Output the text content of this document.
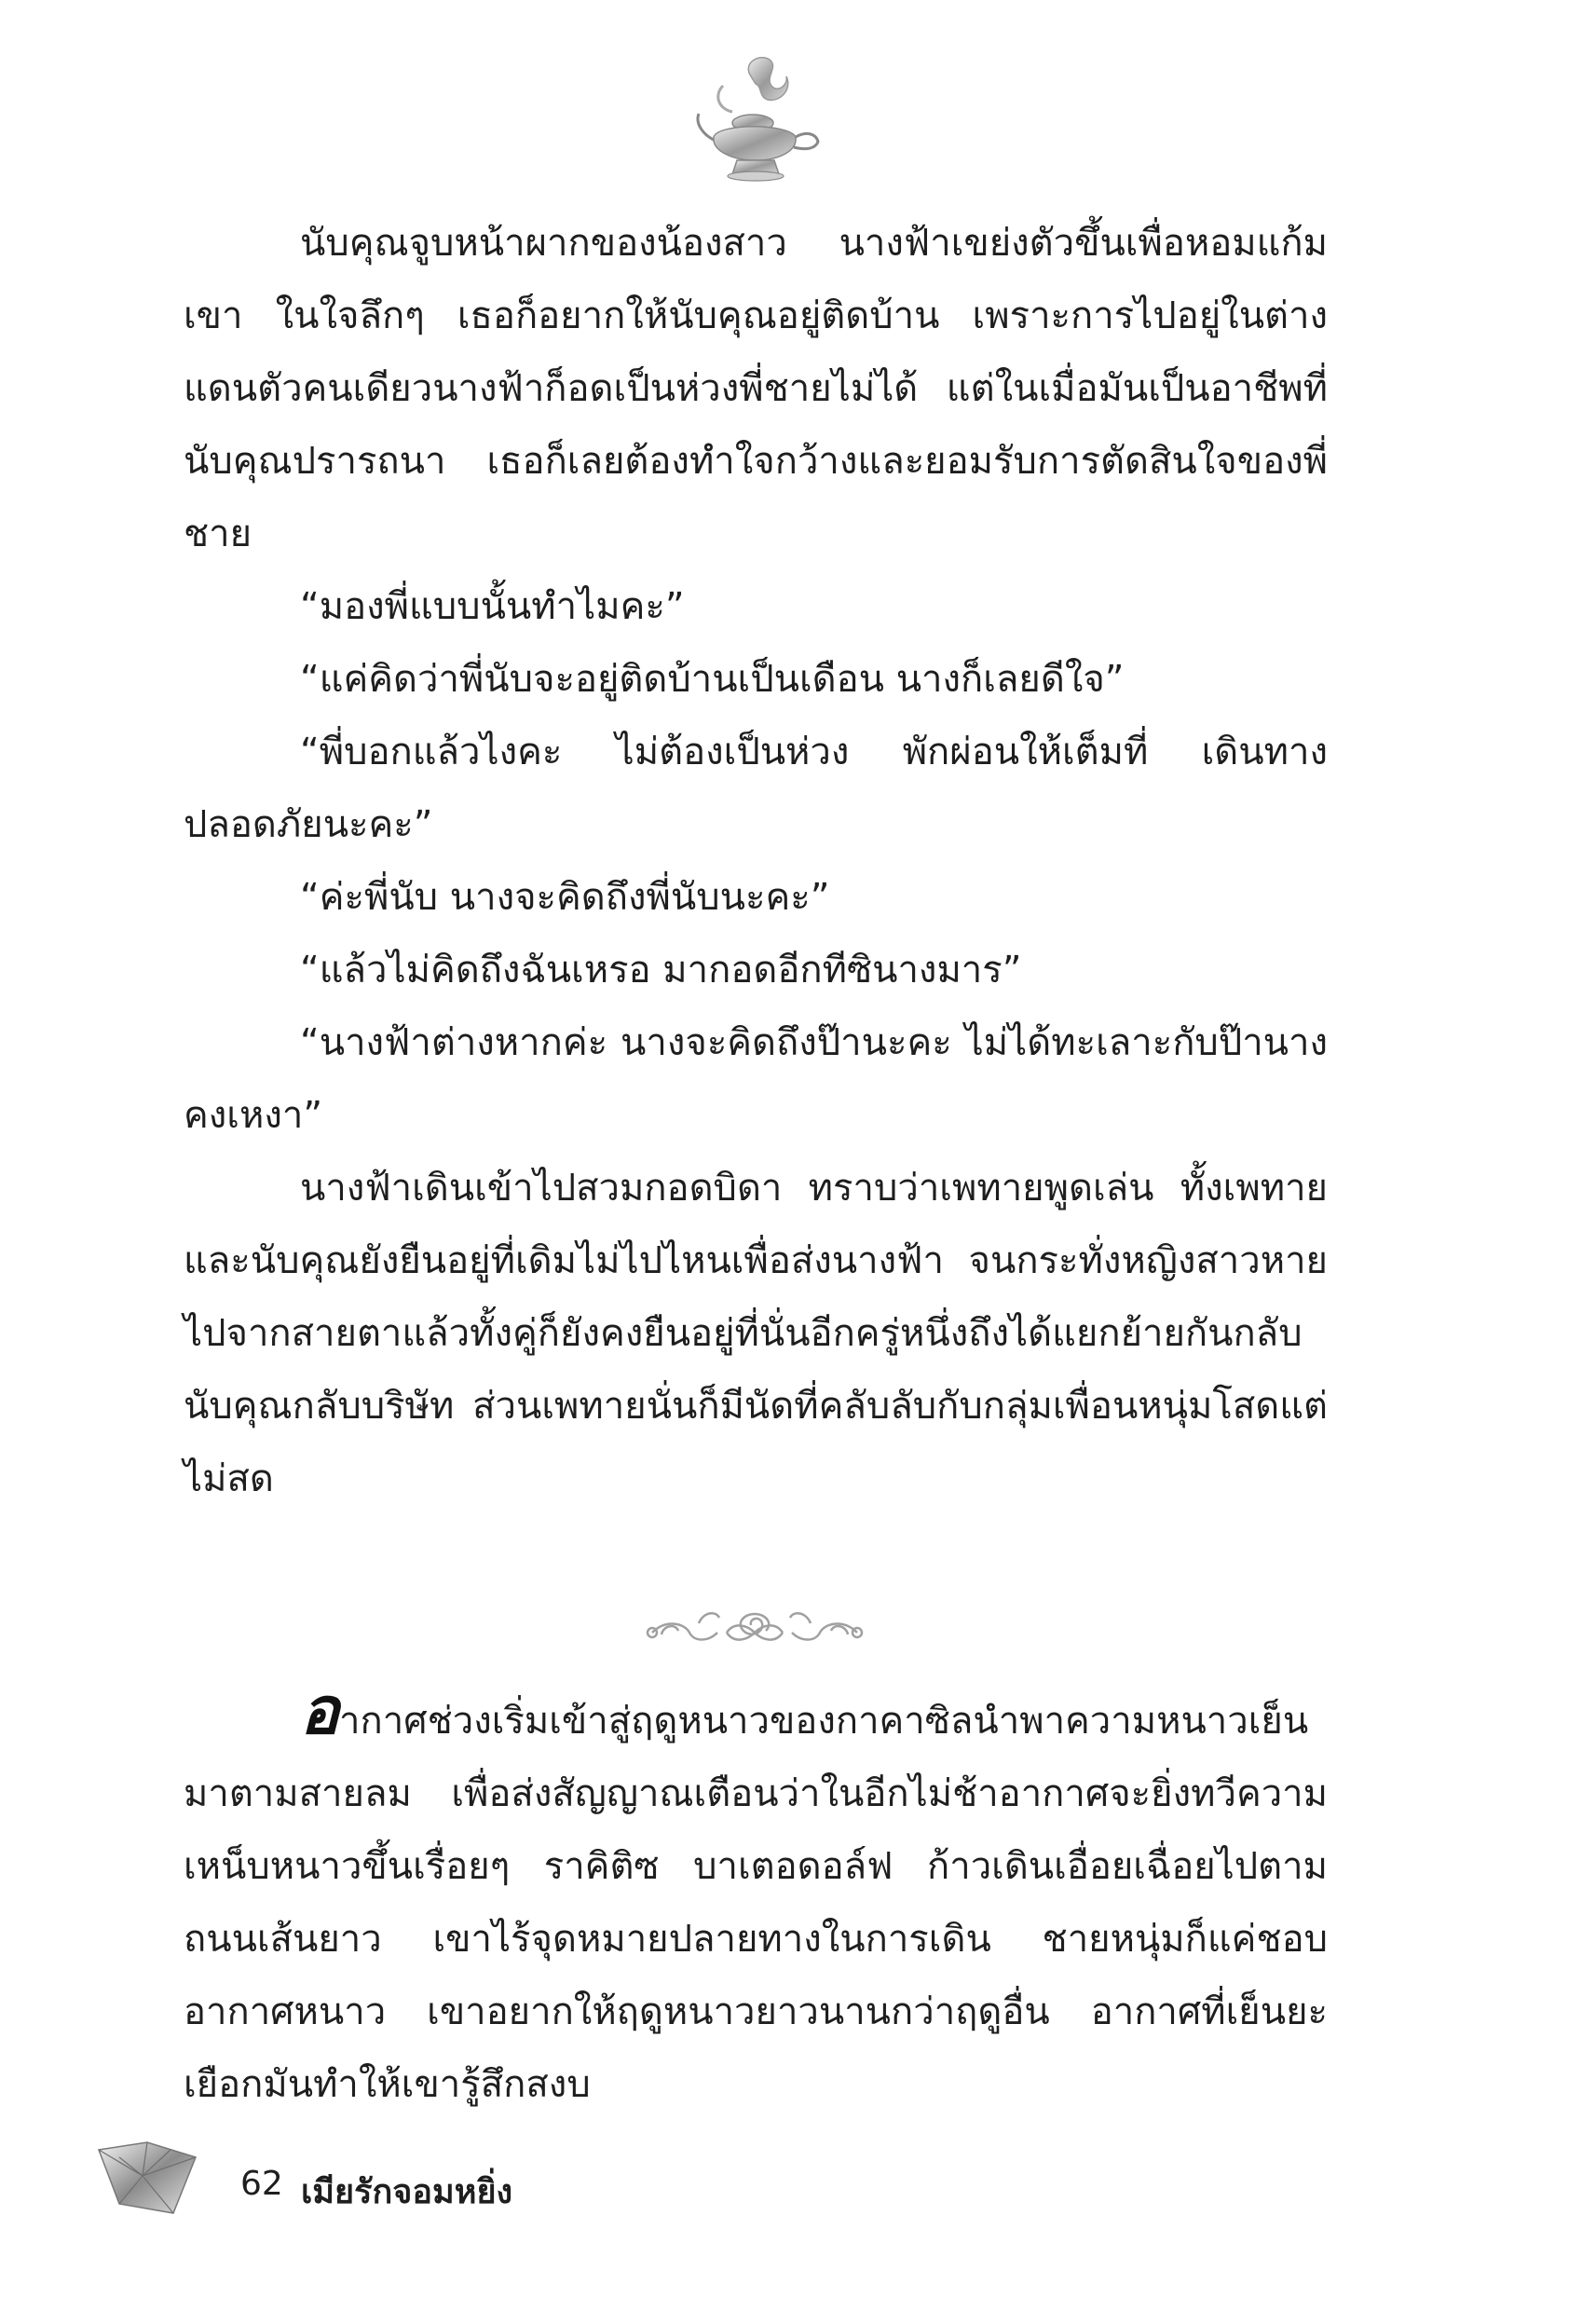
นับคุณจูบหน้าผากของน้องสาว นางฟ้าเขย่งตัวขึ้นเพื่อหอมแก้มเขา ในใจลึกๆ เธอก็อยากให้นับคุณอยู่ติดบ้าน เพราะการไปอยู่ในต่างแดนตัวคนเดียวนางฟ้าก็อดเป็นห่วงพี่ชายไม่ได้ แต่ในเมื่อมันเป็นอาชีพที่นับคุณปรารถนา เธอก็เลยต้องทำใจกว้างและยอมรับการตัดสินใจของพี่ชาย

“มองพี่แบบนั้นทำไมคะ”

“แค่คิดว่าพี่นับจะอยู่ติดบ้านเป็นเดือน นางก็เลยดีใจ”

“พี่บอกแล้วไงคะ ไม่ต้องเป็นห่วง พักผ่อนให้เต็มที่ เดินทางปลอดภัยนะคะ”

“ค่ะพี่นับ นางจะคิดถึงพี่นับนะคะ”

“แล้วไม่คิดถึงฉันเหรอ มากอดอีกทีซินางมาร”

“นางฟ้าต่างหากค่ะ นางจะคิดถึงป๊านะคะ ไม่ได้ทะเลาะกับป๊านางคงเหงา”

นางฟ้าเดินเข้าไปสวมกอดบิดา ทราบว่าเพทายพูดเล่น ทั้งเพทายและนับคุณยังยืนอยู่ที่เดิมไม่ไปไหนเพื่อส่งนางฟ้า จนกระทั่งหญิงสาวหายไปจากสายตาแล้วทั้งคู่ก็ยังคงยืนอยู่ที่นั่นอีกครู่หนึ่งถึงได้แยกย้ายกันกลับ นับคุณกลับบริษัท ส่วนเพทายนั่นก็มีนัดที่คลับลับกับกลุ่มเพื่อนหนุ่มโสดแต่ไม่สด

อากาศช่วงเริ่มเข้าสู่ฤดูหนาวของกาคาซิลนำพาความหนาวเย็นมาตามสายลม เพื่อส่งสัญญาณเตือนว่าในอีกไม่ช้าอากาศจะยิ่งทวีความเหน็บหนาวขึ้นเรื่อยๆ ราคิติซ บาเตอดอล์ฟ ก้าวเดินเอื่อยเฉื่อยไปตามถนนเส้นยาว เขาไร้จุดหมายปลายทางในการเดิน ชายหนุ่มก็แค่ชอบอากาศหนาว เขาอยากให้ฤดูหนาวยาวนานกว่าฤดูอื่น อากาศที่เย็นยะเยือกมันทำให้เขารู้สึกสงบ

62 เมียรักจอมหยิ่ง
